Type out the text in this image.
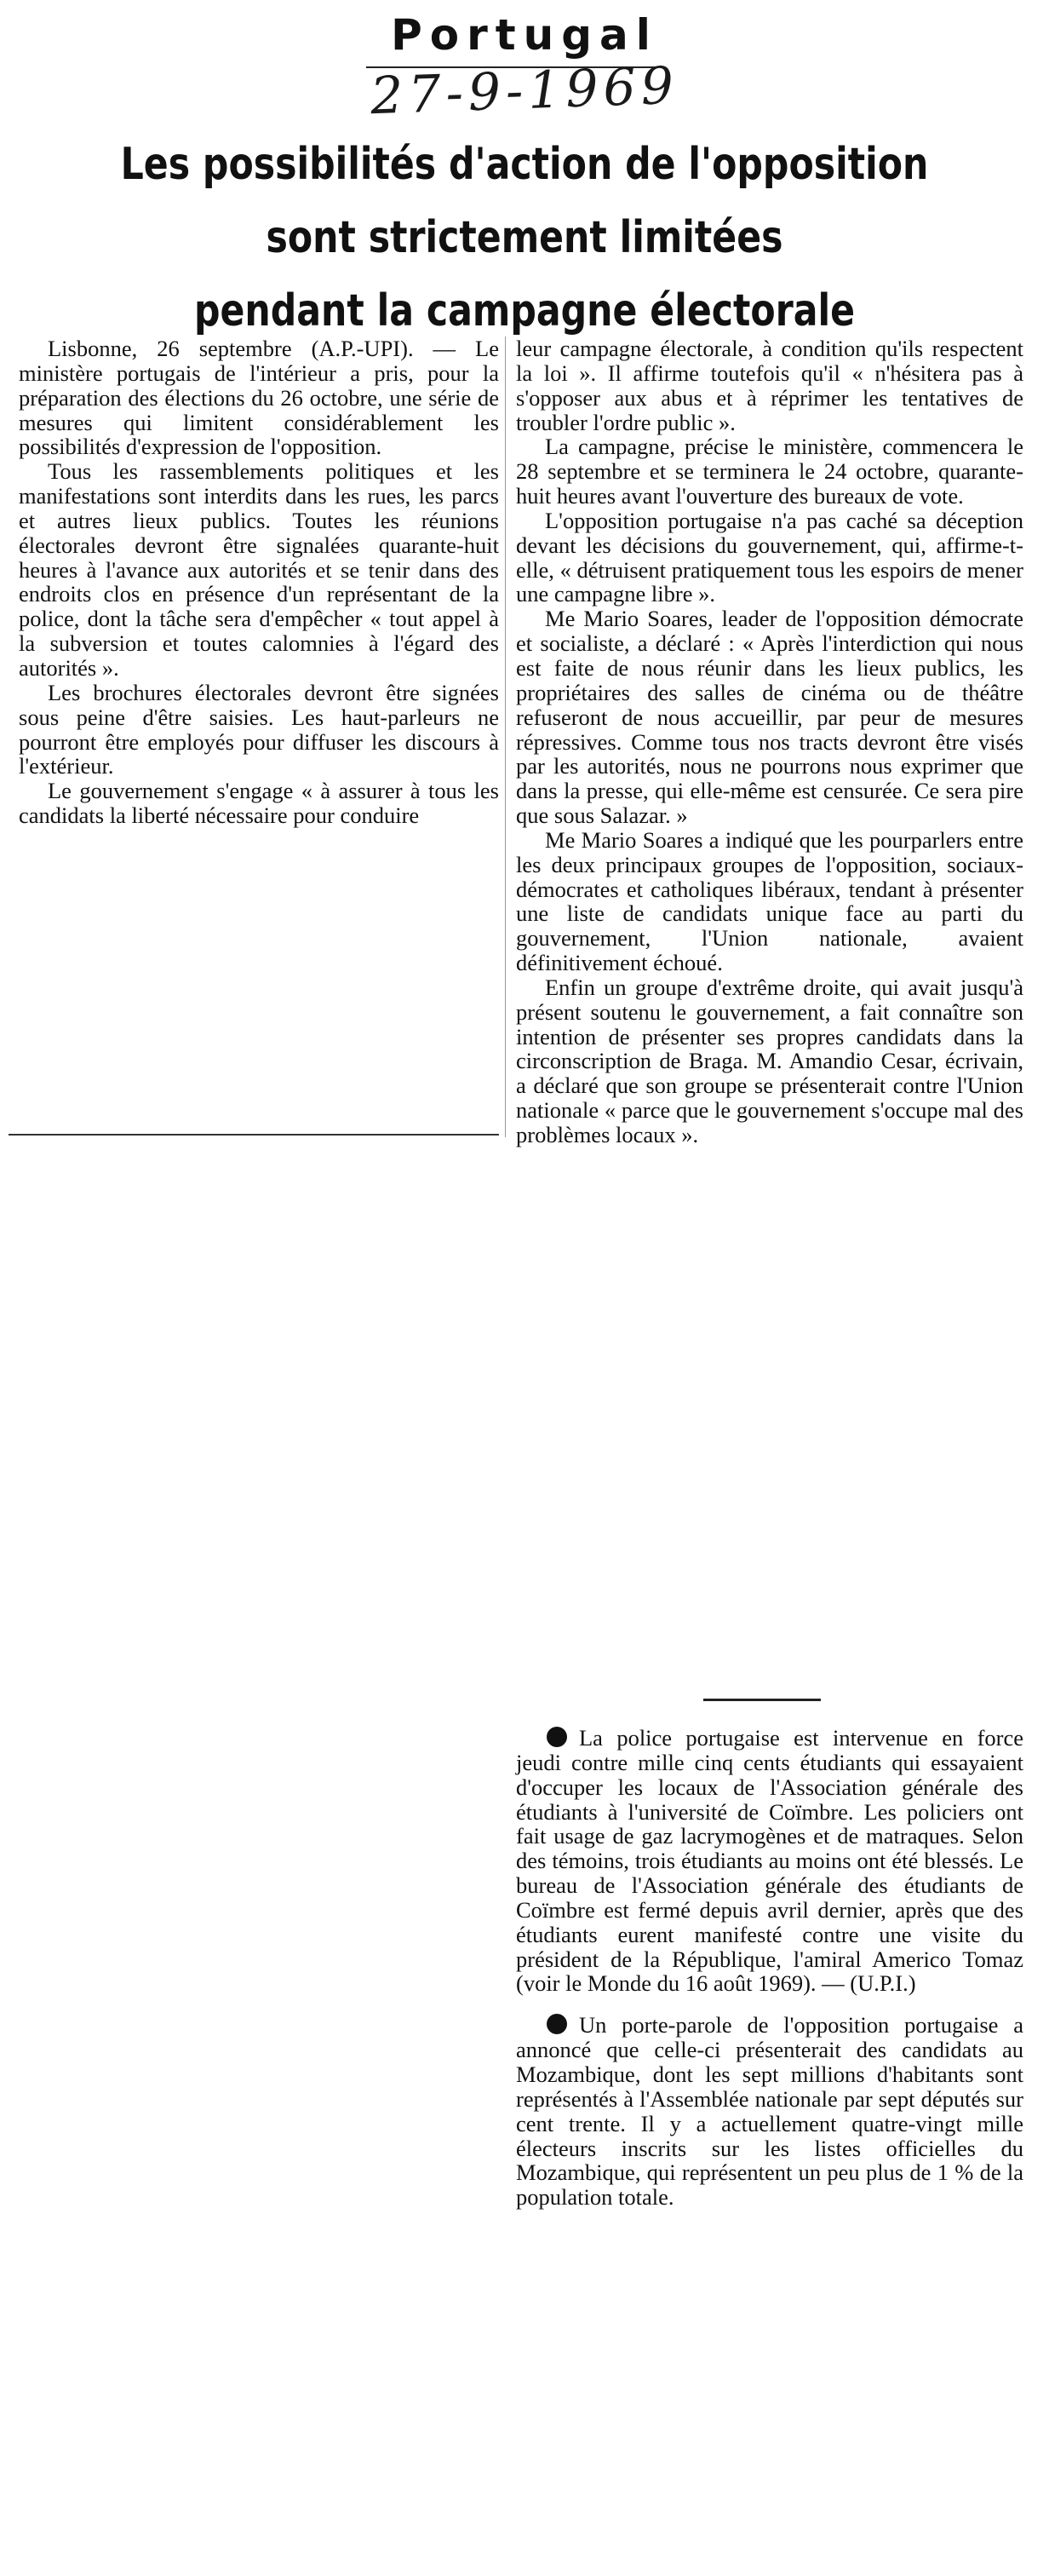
Portugal
27-9-1969
Les possibilités d'action de l'opposition
sont strictement limitées
pendant la campagne électorale

Lisbonne, 26 septembre (A.P.-UPI). — Le ministère portugais de l'intérieur a pris, pour la préparation des élections du 26 octobre, une série de mesures qui limitent considérablement les possibilités d'expression de l'opposition.

Tous les rassemblements politiques et les manifestations sont interdits dans les rues, les parcs et autres lieux publics. Toutes les réunions électorales devront être signalées quarante-huit heures à l'avance aux autorités et se tenir dans des endroits clos en présence d'un représentant de la police, dont la tâche sera d'empêcher « tout appel à la subversion et toutes calomnies à l'égard des autorités ».

Les brochures électorales devront être signées sous peine d'être saisies. Les haut-parleurs ne pourront être employés pour diffuser les discours à l'extérieur.

Le gouvernement s'engage « à assurer à tous les candidats la liberté nécessaire pour conduire

leur campagne électorale, à condition qu'ils respectent la loi ». Il affirme toutefois qu'il « n'hésitera pas à s'opposer aux abus et à réprimer les tentatives de troubler l'ordre public ».

La campagne, précise le ministère, commencera le 28 septembre et se terminera le 24 octobre, quarante-huit heures avant l'ouverture des bureaux de vote.

L'opposition portugaise n'a pas caché sa déception devant les décisions du gouvernement, qui, affirme-t-elle, « détruisent pratiquement tous les espoirs de mener une campagne libre ».

Me Mario Soares, leader de l'opposition démocrate et socialiste, a déclaré : « Après l'interdiction qui nous est faite de nous réunir dans les lieux publics, les propriétaires des salles de cinéma ou de théâtre refuseront de nous accueillir, par peur de mesures répressives. Comme tous nos tracts devront être visés par les autorités, nous ne pourrons nous exprimer que dans la presse, qui elle-même est censurée. Ce sera pire que sous Salazar. »

Me Mario Soares a indiqué que les pourparlers entre les deux principaux groupes de l'opposition, sociaux-démocrates et catholiques libéraux, tendant à présenter une liste de candidats unique face au parti du gouvernement, l'Union nationale, avaient définitivement échoué.

Enfin un groupe d'extrême droite, qui avait jusqu'à présent soutenu le gouvernement, a fait connaître son intention de présenter ses propres candidats dans la circonscription de Braga. M. Amandio Cesar, écrivain, a déclaré que son groupe se présenterait contre l'Union nationale « parce que le gouvernement s'occupe mal des problèmes locaux ».

La police portugaise est intervenue en force jeudi contre mille cinq cents étudiants qui essayaient d'occuper les locaux de l'Association générale des étudiants à l'université de Coïmbre. Les policiers ont fait usage de gaz lacrymogènes et de matraques. Selon des témoins, trois étudiants au moins ont été blessés. Le bureau de l'Association générale des étudiants de Coïmbre est fermé depuis avril dernier, après que des étudiants eurent manifesté contre une visite du président de la République, l'amiral Americo Tomaz (voir le Monde du 16 août 1969). — (U.P.I.)

Un porte-parole de l'opposition portugaise a annoncé que celle-ci présenterait des candidats au Mozambique, dont les sept millions d'habitants sont représentés à l'Assemblée nationale par sept députés sur cent trente. Il y a actuellement quatre-vingt mille électeurs inscrits sur les listes officielles du Mozambique, qui représentent un peu plus de 1 % de la population totale.
